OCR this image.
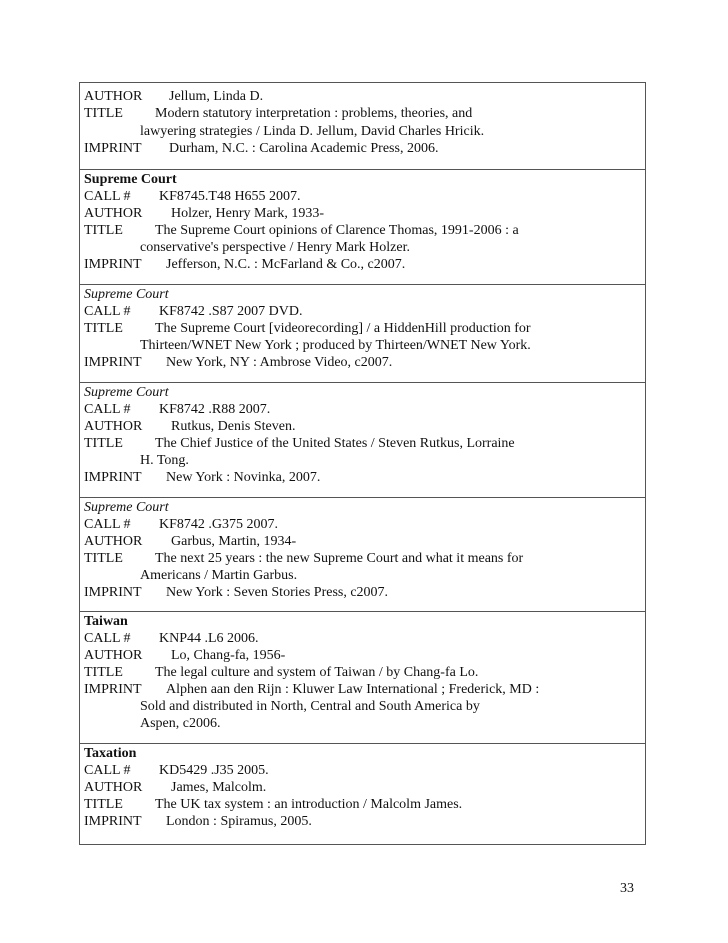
AUTHOR Jellum, Linda D.
TITLE Modern statutory interpretation : problems, theories, and
lawyering strategies / Linda D. Jellum, David Charles Hricik.
IMPRINT Durham, N.C. : Carolina Academic Press, 2006.
Supreme Court
CALL # KF8745.T48 H655 2007.
AUTHOR Holzer, Henry Mark, 1933-
TITLE The Supreme Court opinions of Clarence Thomas, 1991-2006 : a
conservative's perspective / Henry Mark Holzer.
IMPRINT Jefferson, N.C. : McFarland & Co., c2007.
Supreme Court
CALL # KF8742 .S87 2007 DVD.
TITLE The Supreme Court [videorecording] / a HiddenHill production for
Thirteen/WNET New York ; produced by Thirteen/WNET New York.
IMPRINT New York, NY : Ambrose Video, c2007.
Supreme Court
CALL # KF8742 .R88 2007.
AUTHOR Rutkus, Denis Steven.
TITLE The Chief Justice of the United States / Steven Rutkus, Lorraine
H. Tong.
IMPRINT New York : Novinka, 2007.
Supreme Court
CALL # KF8742 .G375 2007.
AUTHOR Garbus, Martin, 1934-
TITLE The next 25 years : the new Supreme Court and what it means for
Americans / Martin Garbus.
IMPRINT New York : Seven Stories Press, c2007.
Taiwan
CALL # KNP44 .L6 2006.
AUTHOR Lo, Chang-fa, 1956-
TITLE The legal culture and system of Taiwan / by Chang-fa Lo.
IMPRINT Alphen aan den Rijn : Kluwer Law International ; Frederick, MD :
Sold and distributed in North, Central and South America by
Aspen, c2006.
Taxation
CALL # KD5429 .J35 2005.
AUTHOR James, Malcolm.
TITLE The UK tax system : an introduction / Malcolm James.
IMPRINT London : Spiramus, 2005.
33
